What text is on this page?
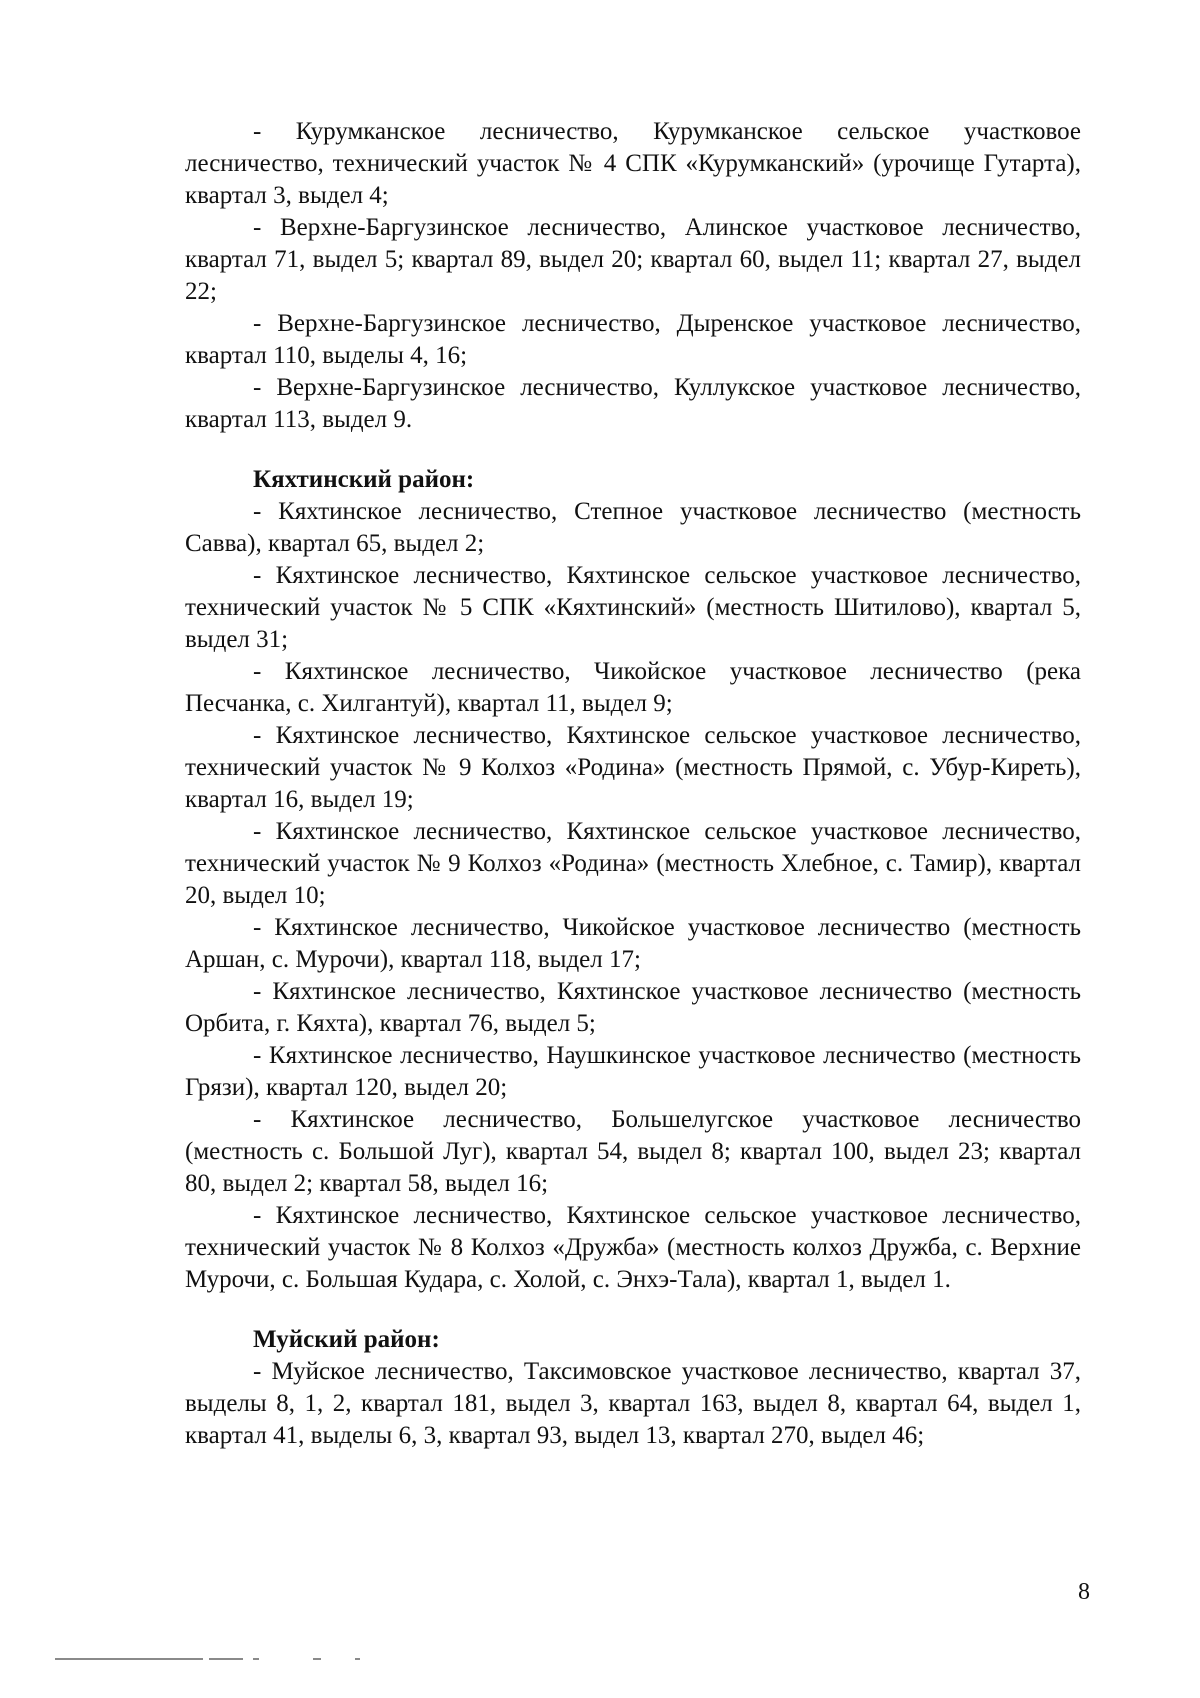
- Курумканское лесничество, Курумканское сельское участковое лесничество, технический участок № 4 СПК «Курумканский» (урочище Гутарта), квартал 3, выдел 4;

- Верхне-Баргузинское лесничество, Алинское участковое лесничество, квартал 71, выдел 5; квартал 89, выдел 20; квартал 60, выдел 11; квартал 27, выдел 22;

- Верхне-Баргузинское лесничество, Дыренское участковое лесничество, квартал 110, выделы 4, 16;

- Верхне-Баргузинское лесничество, Куллукское участковое лесничество, квартал 113, выдел 9.

Кяхтинский район:

- Кяхтинское лесничество, Степное участковое лесничество (местность Савва), квартал 65, выдел 2;

- Кяхтинское лесничество, Кяхтинское сельское участковое лесничество, технический участок № 5 СПК «Кяхтинский» (местность Шитилово), квартал 5, выдел 31;

- Кяхтинское лесничество, Чикойское участковое лесничество (река Песчанка, с. Хилгантуй), квартал 11, выдел 9;

- Кяхтинское лесничество, Кяхтинское сельское участковое лесничество, технический участок № 9 Колхоз «Родина» (местность Прямой, с. Убур-Киреть), квартал 16, выдел 19;

- Кяхтинское лесничество, Кяхтинское сельское участковое лесничество, технический участок № 9 Колхоз «Родина» (местность Хлебное, с. Тамир), квартал 20, выдел 10;

- Кяхтинское лесничество, Чикойское участковое лесничество (местность Аршан, с. Мурочи), квартал 118, выдел 17;

- Кяхтинское лесничество, Кяхтинское участковое лесничество (местность Орбита, г. Кяхта), квартал 76, выдел 5;

- Кяхтинское лесничество, Наушкинское участковое лесничество (местность Грязи), квартал 120, выдел 20;

- Кяхтинское лесничество, Большелугское участковое лесничество (местность с. Большой Луг), квартал 54, выдел 8; квартал 100, выдел 23; квартал 80, выдел 2; квартал 58, выдел 16;

- Кяхтинское лесничество, Кяхтинское сельское участковое лесничество, технический участок № 8 Колхоз «Дружба» (местность колхоз Дружба, с. Верхние Мурочи, с. Большая Кудара, с. Холой, с. Энхэ-Тала), квартал 1, выдел 1.

Муйский район:

- Муйское лесничество, Таксимовское участковое лесничество, квартал 37, выделы 8, 1, 2, квартал 181, выдел 3, квартал 163, выдел 8, квартал 64, выдел 1, квартал 41, выделы 6, 3, квартал 93, выдел 13, квартал 270, выдел 46;

8
